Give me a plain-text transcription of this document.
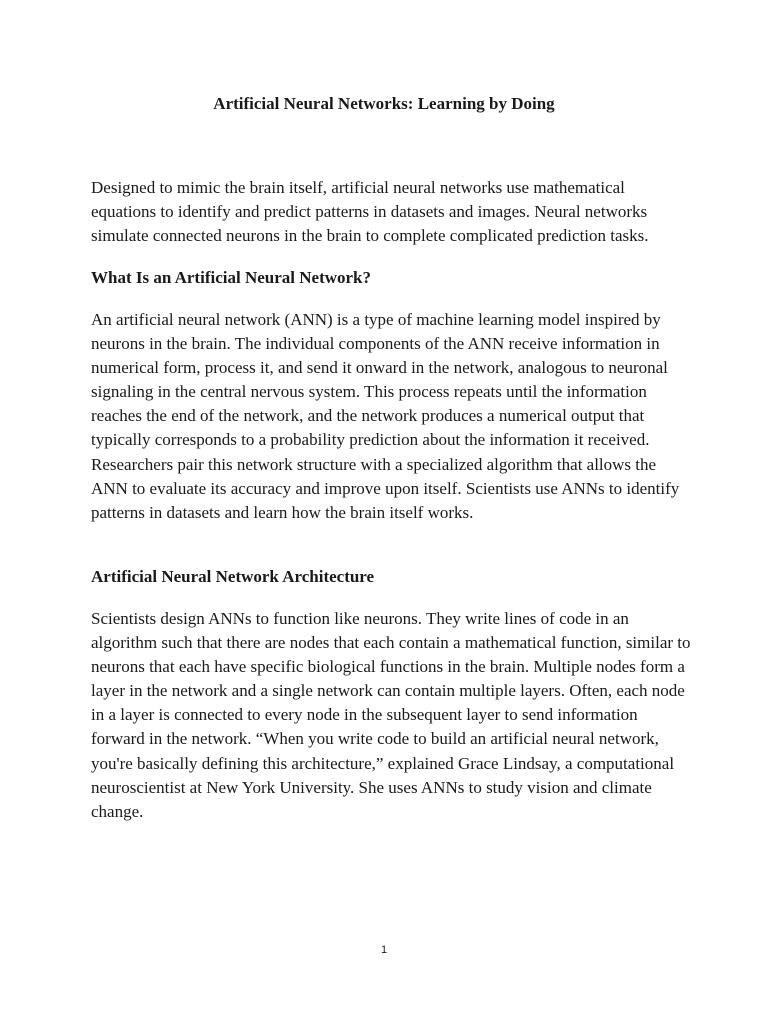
Artificial Neural Networks: Learning by Doing

Designed to mimic the brain itself, artificial neural networks use mathematical equations to identify and predict patterns in datasets and images. Neural networks simulate connected neurons in the brain to complete complicated prediction tasks.

What Is an Artificial Neural Network?

An artificial neural network (ANN) is a type of machine learning model inspired by neurons in the brain. The individual components of the ANN receive information in numerical form, process it, and send it onward in the network, analogous to neuronal signaling in the central nervous system. This process repeats until the information reaches the end of the network, and the network produces a numerical output that typically corresponds to a probability prediction about the information it received. Researchers pair this network structure with a specialized algorithm that allows the ANN to evaluate its accuracy and improve upon itself. Scientists use ANNs to identify patterns in datasets and learn how the brain itself works.

Artificial Neural Network Architecture

Scientists design ANNs to function like neurons. They write lines of code in an algorithm such that there are nodes that each contain a mathematical function, similar to neurons that each have specific biological functions in the brain. Multiple nodes form a layer in the network and a single network can contain multiple layers. Often, each node in a layer is connected to every node in the subsequent layer to send information forward in the network. “When you write code to build an artificial neural network, you're basically defining this architecture,” explained Grace Lindsay, a computational neuroscientist at New York University. She uses ANNs to study vision and climate change.

1
